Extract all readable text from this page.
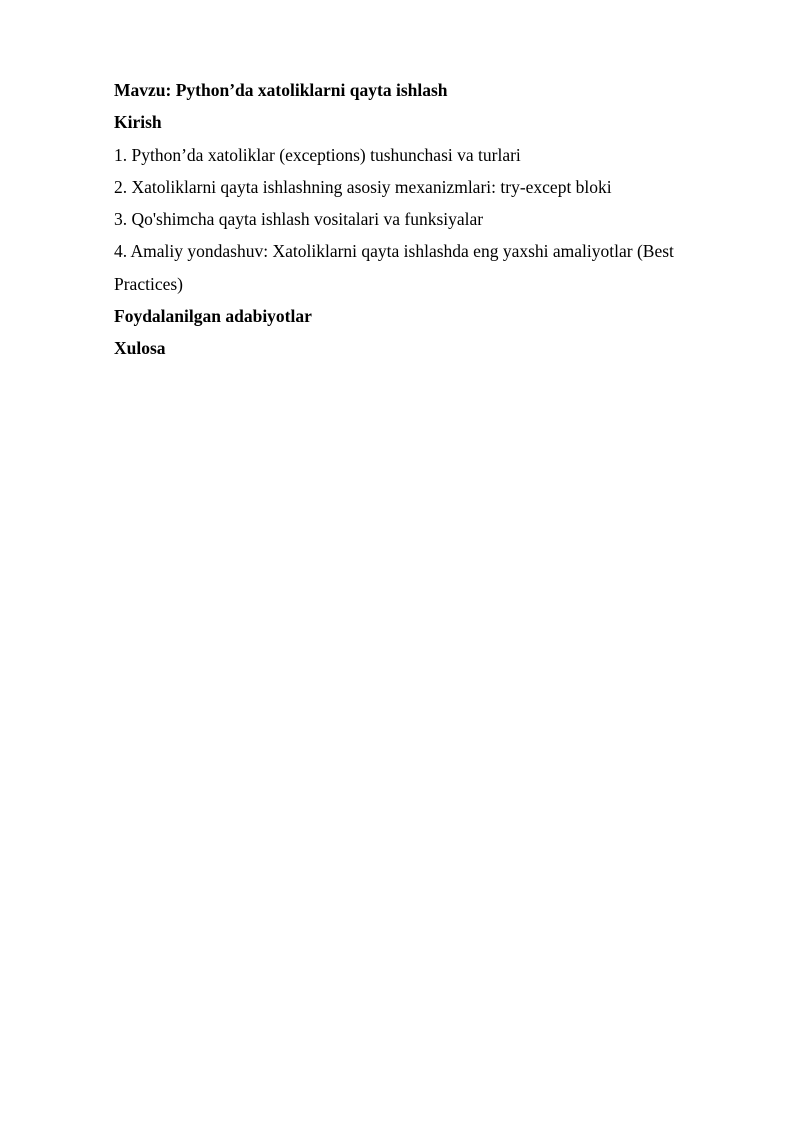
Mavzu: Python’da xatoliklarni qayta ishlash

Kirish

1. Python’da xatoliklar (exceptions) tushunchasi va turlari

2. Xatoliklarni qayta ishlashning asosiy mexanizmlari: try-except bloki

3. Qo'shimcha qayta ishlash vositalari va funksiyalar

4. Amaliy yondashuv: Xatoliklarni qayta ishlashda eng yaxshi amaliyotlar (Best Practices)

Foydalanilgan adabiyotlar

Xulosa
